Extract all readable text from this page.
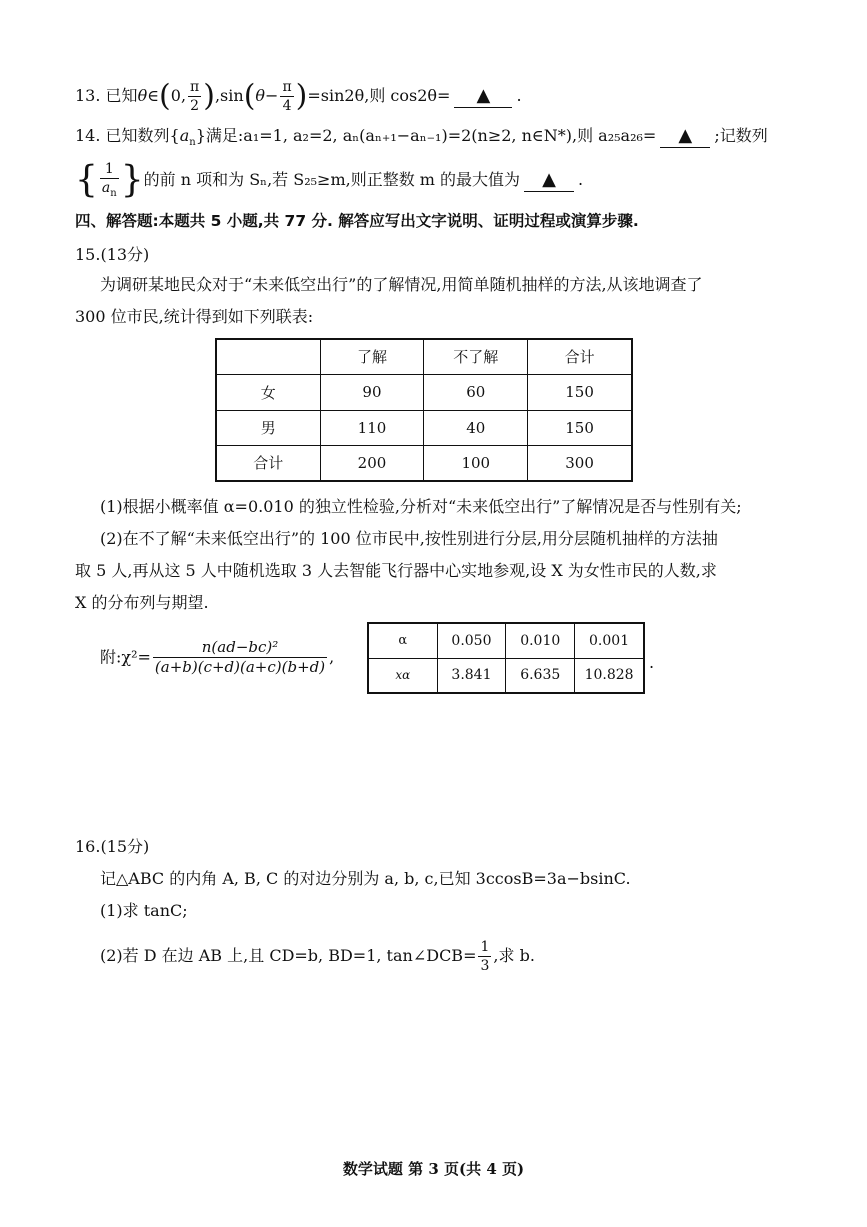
13. 已知θ∈(0, $\frac{\pi}{2} ),\sin(\theta- \frac{\pi}{4} )=\sin 2\theta$,则 cos2θ= ▲ .
14. 已知数列$\{a_n\}$满足:a₁=1, a₂=2, aₙ(aₙ₊₁−aₙ₋₁)=2(n≥2, n∈N*),则 a₂₅a₂₆= ▲ ;记数列
{ $\frac{1}{a_n}$ }的前 n 项和为 Sₙ,若 S₂₅≥m,则正整数 m 的最大值为 ▲ .
四、解答题:本题共 5 小题,共 77 分. 解答应写出文字说明、证明过程或演算步骤.
15.(13分)
为调研某地民众对于“未来低空出行”的了解情况,用简单随机抽样的方法,从该地调查了
300 位市民,统计得到如下列联表:
	了解	不了解	合计
女	90	60	150
男	110	40	150
合计	200	100	300
(1)根据小概率值 α=0.010 的独立性检验,分析对“未来低空出行”了解情况是否与性别有关;
(2)在不了解“未来低空出行”的 100 位市民中,按性别进行分层,用分层随机抽样的方法抽
取 5 人,再从这 5 人中随机选取 3 人去智能飞行器中心实地参观,设 X 为女性市民的人数,求
X 的分布列与期望.
附:χ²= $\frac{\text{n(ad−bc)²}}{(a+b)(c+d)(a+c)(b+d)}$ ,
α	0.050	0.010	0.001
xα	3.841	6.635	10.828
.
16.(15分)
记△ABC 的内角 A, B, C 的对边分别为 a, b, c,已知 3ccosB=3a−bsinC.
(1)求 tanC;
(2)若 D 在边 AB 上,且 CD=b, BD=1, tan∠DCB= $\frac{1}{3}$ ,求 b.
数学试题 第 3 页(共 4 页)
